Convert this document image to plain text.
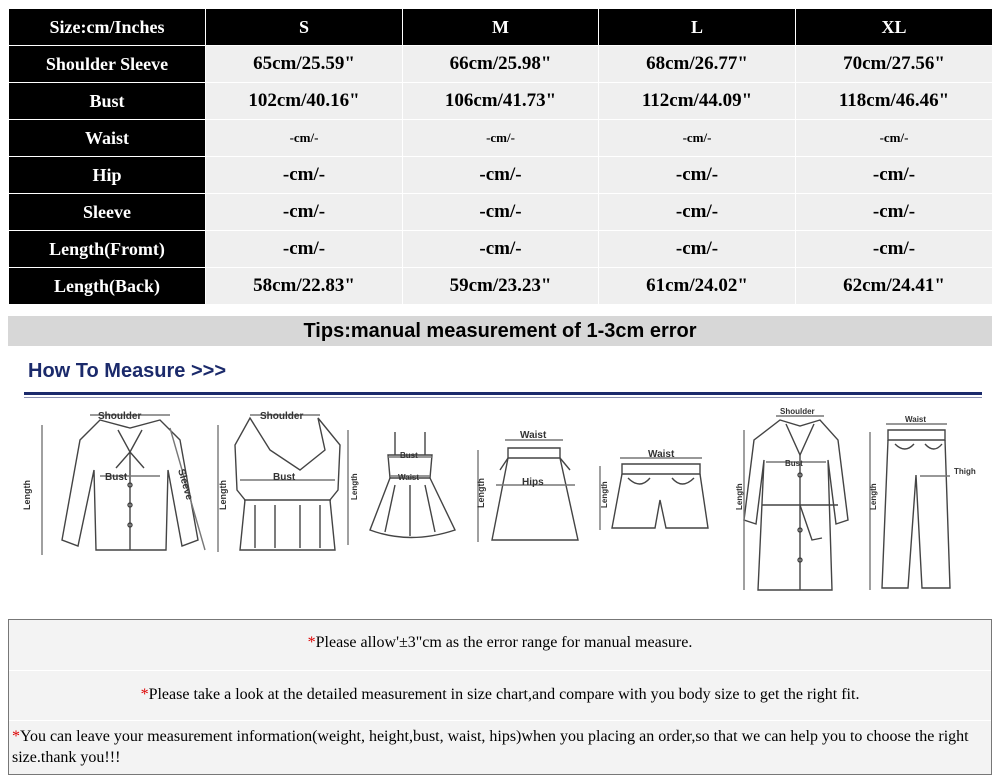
Size:cm/Inches	S	M	L	XL
Shoulder Sleeve	65cm/25.59"	66cm/25.98"	68cm/26.77"	70cm/27.56"
Bust	102cm/40.16"	106cm/41.73"	112cm/44.09"	118cm/46.46"
Waist	-cm/-	-cm/-	-cm/-	-cm/-
Hip	-cm/-	-cm/-	-cm/-	-cm/-
Sleeve	-cm/-	-cm/-	-cm/-	-cm/-
Length(Fromt)	-cm/-	-cm/-	-cm/-	-cm/-
Length(Back)	58cm/22.83"	59cm/23.23"	61cm/24.02"	62cm/24.41"
Tips:manual measurement of 1-3cm error
How To Measure >>>
Shoulder
Bust
Length	Sleeve
Shoulder
Bust
Length
Bust
Waist
Length
Waist
Hips
Length
Waist
Length
Shoulder
Bust
Length
Waist
Thigh
Length
*Please allow'±3"cm as the error range for manual measure.
*Please take a look at the detailed measurement in size chart,and compare with you body size to get the right fit.
*You can leave your measurement information(weight, height,bust, waist, hips)when you placing an order,so that we can help you to choose the right size.thank you!!!
